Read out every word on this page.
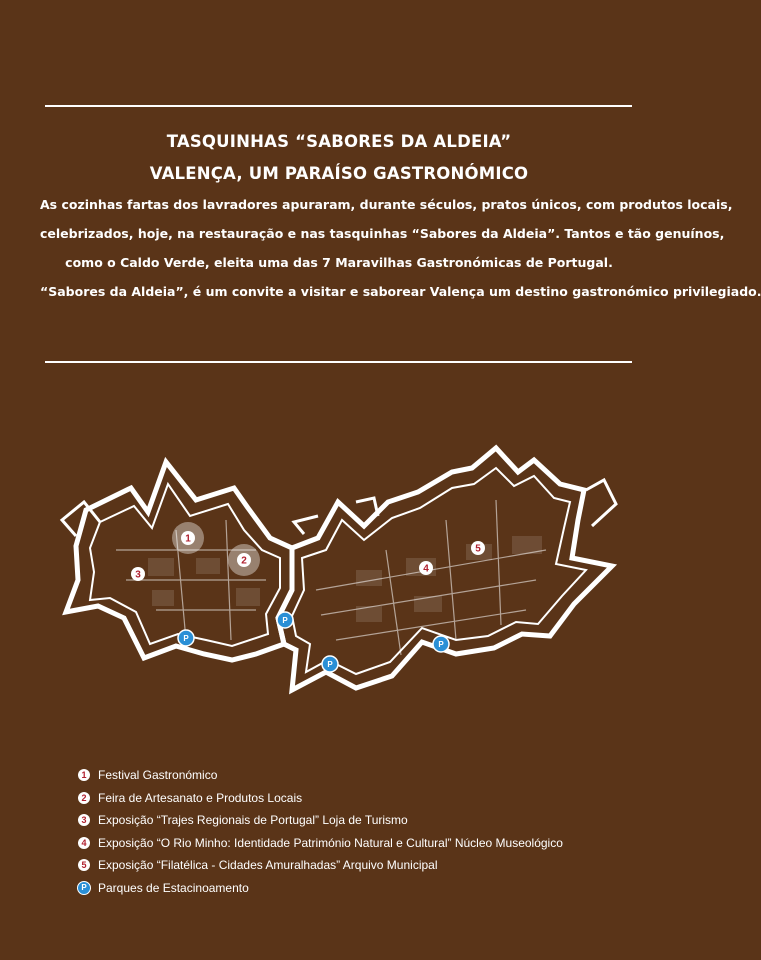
TASQUINHAS “SABORES DA ALDEIA”

VALENÇA, UM PARAÍSO GASTRONÓMICO

As cozinhas fartas dos lavradores apuraram, durante séculos, pratos únicos, com produtos locais,

celebrizados, hoje, na restauração e nas tasquinhas “Sabores da Aldeia”. Tantos e tão genuínos,

como o Caldo Verde, eleita uma das 7 Maravilhas Gastronómicas de Portugal.

“Sabores da Aldeia”, é um convite a visitar e saborear Valença um destino gastronómico privilegiado.

1
2
3
4
5
P
P
P
P
1 Festival Gastronómico
2 Feira de Artesanato e Produtos Locais
3 Exposição “Trajes Regionais de Portugal” Loja de Turismo
4 Exposição “O Rio Minho: Identidade Património Natural e Cultural” Núcleo Museológico
5 Exposição “Filatélica - Cidades Amuralhadas” Arquivo Municipal
P Parques de Estacinoamento
